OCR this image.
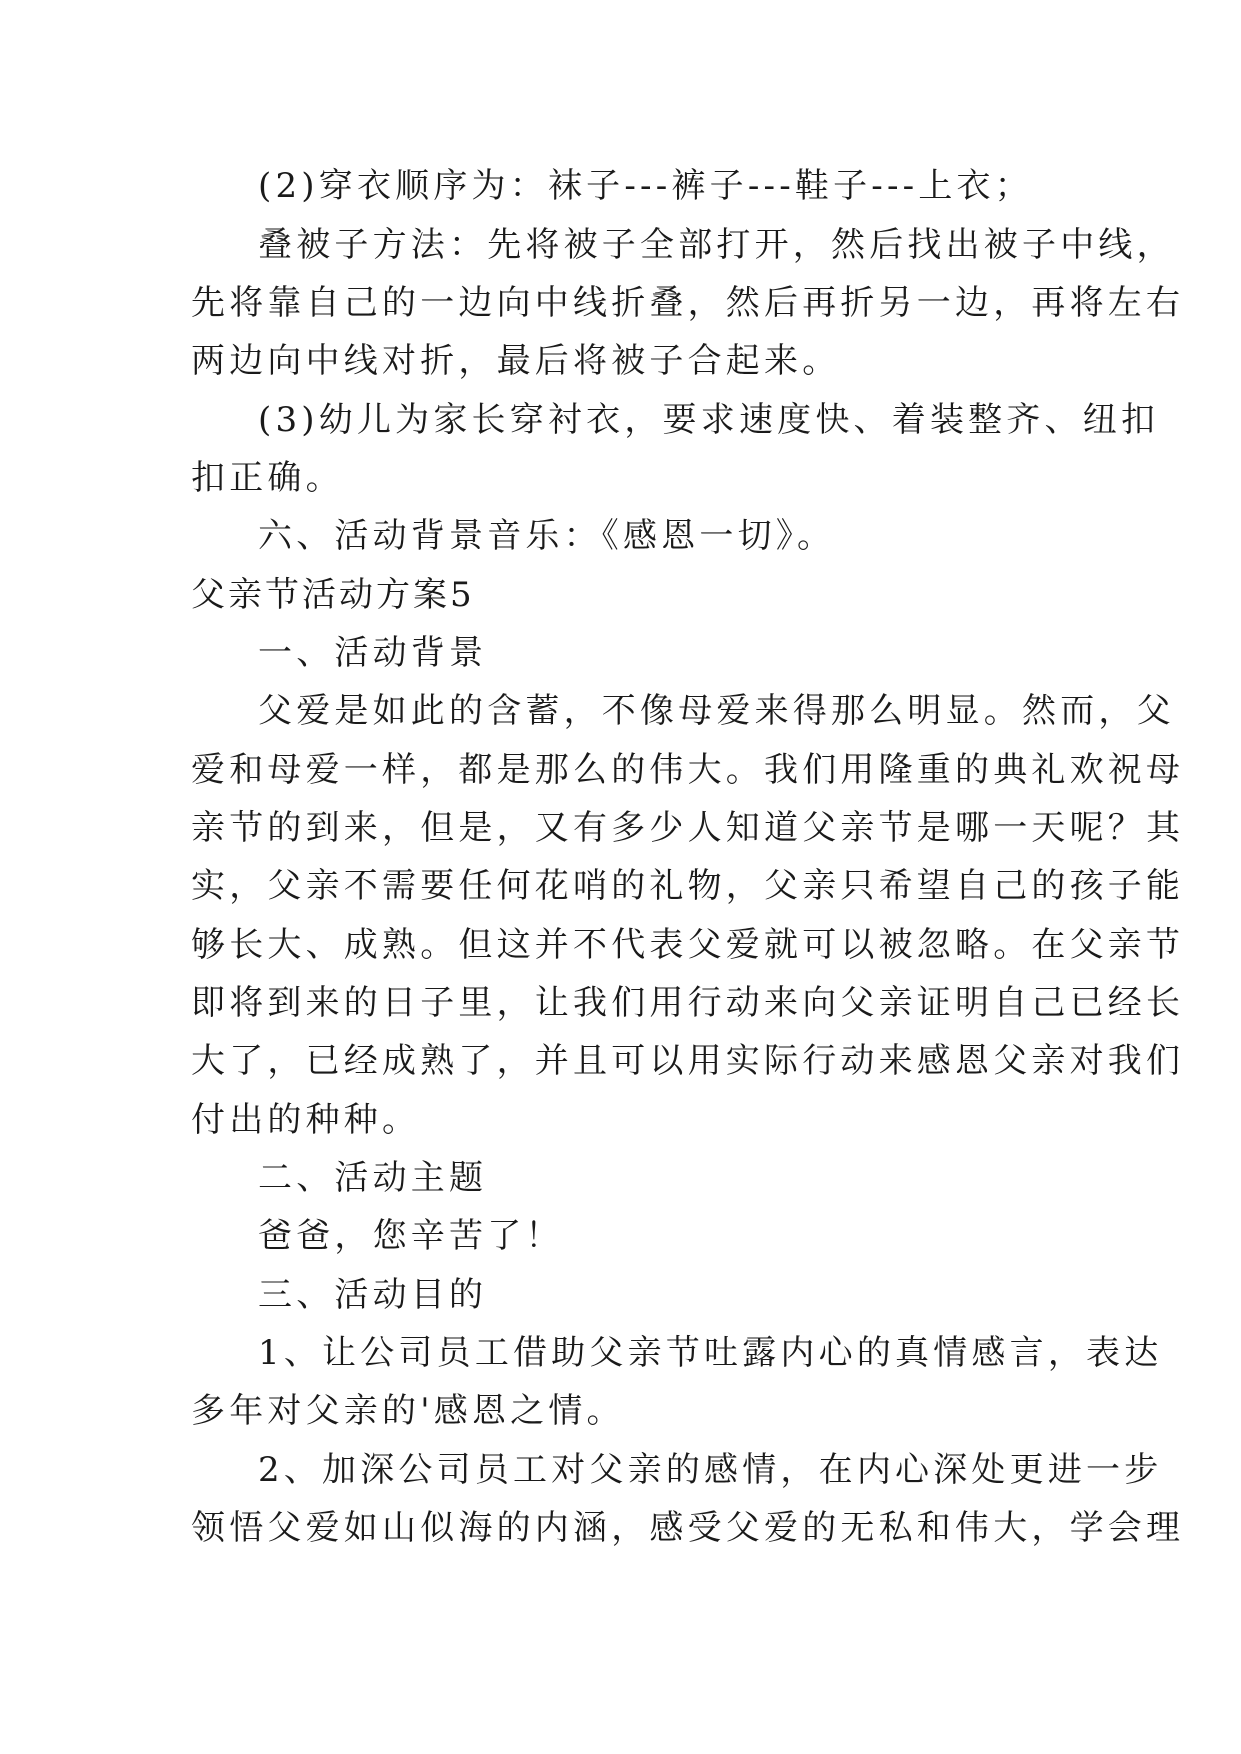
(2)穿衣顺序为：袜子---裤子---鞋子---上衣；
叠被子方法：先将被子全部打开，然后找出被子中线，
先将靠自己的一边向中线折叠，然后再折另一边，再将左右
两边向中线对折，最后将被子合起来。
(3)幼儿为家长穿衬衣，要求速度快、着装整齐、纽扣
扣正确。
六、活动背景音乐：《感恩一切》。
父亲节活动方案5
一、活动背景
父爱是如此的含蓄，不像母爱来得那么明显。然而，父
爱和母爱一样，都是那么的伟大。我们用隆重的典礼欢祝母
亲节的到来，但是，又有多少人知道父亲节是哪一天呢？其
实，父亲不需要任何花哨的礼物，父亲只希望自己的孩子能
够长大、成熟。但这并不代表父爱就可以被忽略。在父亲节
即将到来的日子里，让我们用行动来向父亲证明自己已经长
大了，已经成熟了，并且可以用实际行动来感恩父亲对我们
付出的种种。
二、活动主题
爸爸，您辛苦了！
三、活动目的
1、让公司员工借助父亲节吐露内心的真情感言，表达
多年对父亲的'感恩之情。
2、加深公司员工对父亲的感情，在内心深处更进一步
领悟父爱如山似海的内涵，感受父爱的无私和伟大，学会理
